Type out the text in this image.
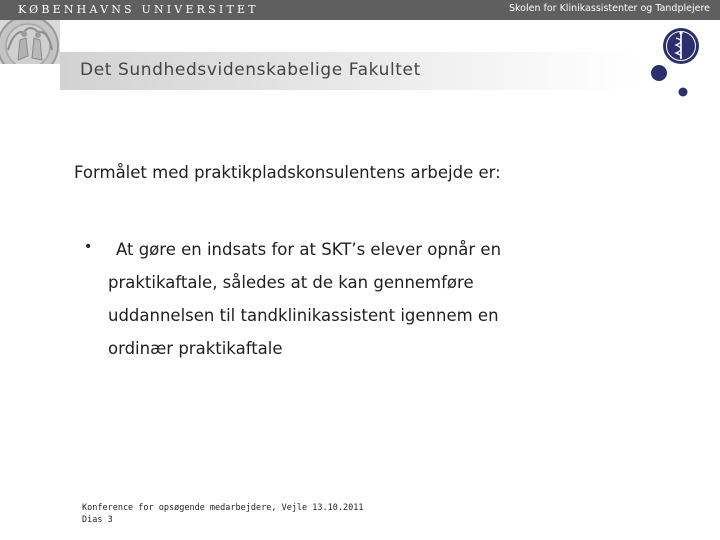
KØBENHAVNS UNIVERSITET	Skolen for Klinikassistenter og Tandplejere
Det Sundhedsvidenskabelige Fakultet
Formålet med praktikpladskonsulentens arbejde er:
• At gøre en indsats for at SKT’s elever opnår en
praktikaftale, således at de kan gennemføre
uddannelsen til tandklinikassistent igennem en
ordinær praktikaftale
Konference for opsøgende medarbejdere, Vejle 13.10.2011
Dias 3
